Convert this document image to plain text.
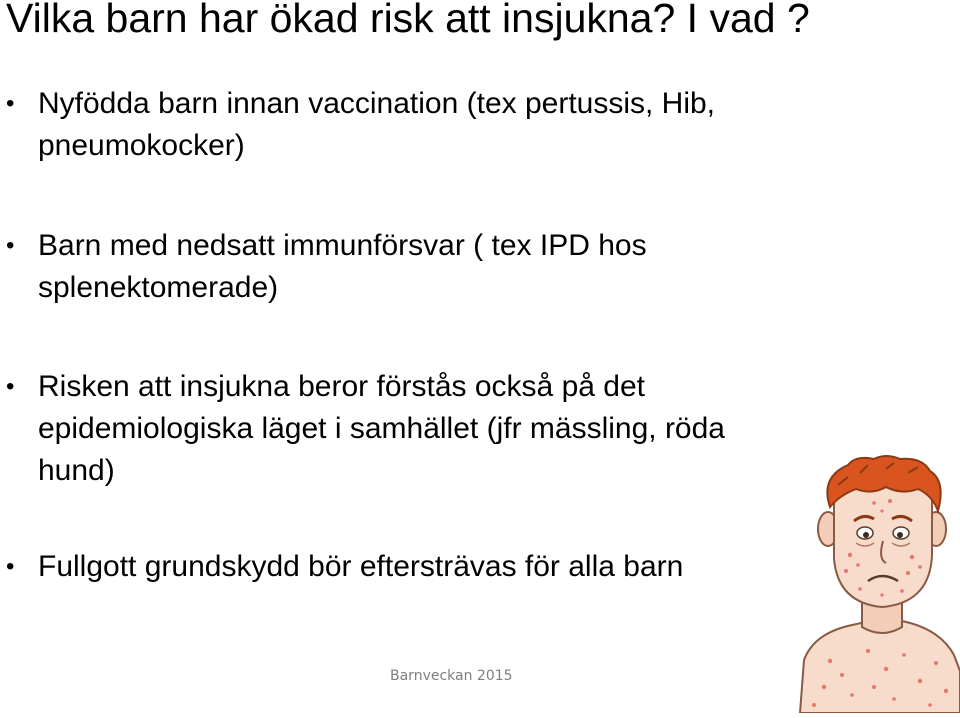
Vilka barn har ökad risk att insjukna? I vad ?
• Nyfödda barn innan vaccination (tex pertussis, Hib,
pneumokocker)
• Barn med nedsatt immunförsvar ( tex IPD hos
splenektomerade)
• Risken att insjukna beror förstås också på det
epidemiologiska läget i samhället (jfr mässling, röda
hund)
• Fullgott grundskydd bör eftersträvas för alla barn
Barnveckan 2015
